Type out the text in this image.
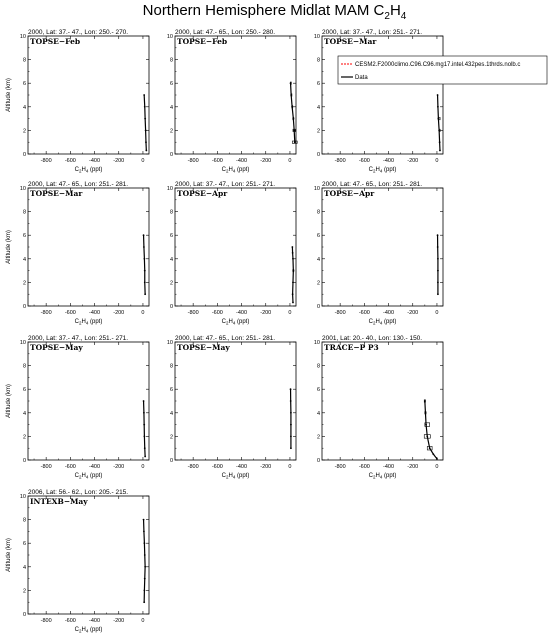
Northern Hemisphere Midlat MAM $C_2H_4$
2000, Lat: 37.- 47., Lon: 250.- 270.
TOPSE−Feb
-800 -600 -400 -200	0
0
2
4
6
8
10
$C_2H_4$ (ppt)
Altitude (km)
2000, Lat: 47.- 65., Lon: 250.- 280.
TOPSE−Feb
-800 -600 -400 -200	0
0
2
4
6
8
10
$C_2H_4$ (ppt)
2000, Lat: 37.- 47., Lon: 251.- 271.
TOPSE−Mar
-800 -600 -400 -200	0
0
2
4
6
8
10
$C_2H_4$ (ppt)
2000, Lat: 47.- 65., Lon: 251.- 281.
TOPSE−Mar
-800 -600 -400 -200	0
0
2
4
6
8
10
$C_2H_4$ (ppt)
Altitude (km)
2000, Lat: 37.- 47., Lon: 251.- 271.
TOPSE−Apr
-800 -600 -400 -200	0
0
2
4
6
8
10
$C_2H_4$ (ppt)
2000, Lat: 47.- 65., Lon: 251.- 281.
TOPSE−Apr
-800 -600 -400 -200	0
0
2
4
6
8
10
$C_2H_4$ (ppt)
2000, Lat: 37.- 47., Lon: 251.- 271.
TOPSE−May
-800 -600 -400 -200	0
0
2
4
6
8
10
$C_2H_4$ (ppt)
Altitude (km)
2000, Lat: 47.- 65., Lon: 251.- 281.
TOPSE−May
-800 -600 -400 -200	0
0
2
4
6
8
10
$C_2H_4$ (ppt)
2001, Lat: 20.- 40., Lon: 130.- 150.
TRACE−P P3
-800 -600 -400 -200	0
0
2
4
6
8
10
$C_2H_4$ (ppt)
2006, Lat: 56.- 62., Lon: 205.- 215.
INTEXB−May
-800 -600 -400 -200	0
0
2
4
6
8
10
$C_2H_4$ (ppt)
Altitude (km)
CESM2.F2000climo.C96.C96.mg17.intel.432pes.1thrds.nolb.c
Data
